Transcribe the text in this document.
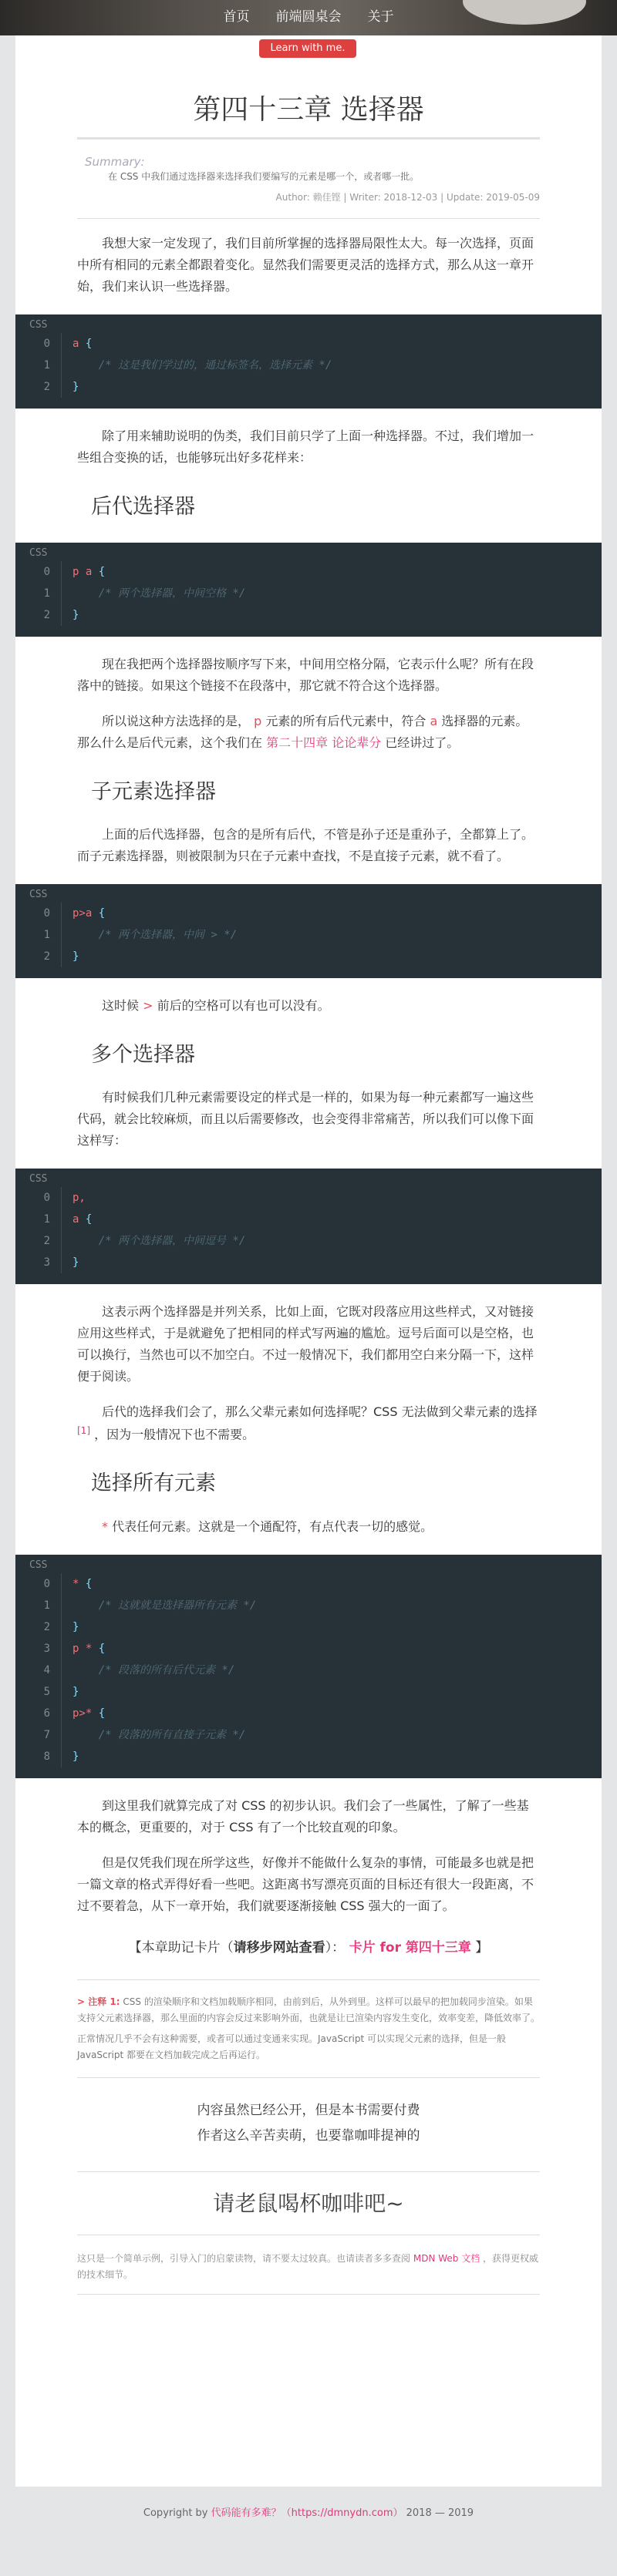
首页 前端圆桌会 关于
Learn with me.
第四十三章 选择器
Summary:
在 CSS 中我们通过选择器来选择我们要编写的元素是哪一个，或者哪一批。
Author: 赖佳铿 | Writer: 2018-12-03 | Update: 2019-05-09

我想大家一定发现了，我们目前所掌握的选择器局限性太大。每一次选择，页面中所有相同的元素全都跟着变化。显然我们需要更灵活的选择方式，那么从这一章开始，我们来认识一些选择器。

CSS
0	a {
1	/* 这是我们学过的，通过标签名，选择元素 */
2	}

除了用来辅助说明的伪类，我们目前只学了上面一种选择器。不过，我们增加一些组合变换的话，也能够玩出好多花样来：

后代选择器
CSS
0	p a {
1	/* 两个选择器，中间空格 */
2	}

现在我把两个选择器按顺序写下来，中间用空格分隔，它表示什么呢？所有在段落中的链接。如果这个链接不在段落中，那它就不符合这个选择器。

所以说这种方法选择的是， p 元素的所有后代元素中，符合 a 选择器的元素。那么什么是后代元素，这个我们在 第二十四章 论论辈分 已经讲过了。

子元素选择器

上面的后代选择器，包含的是所有后代，不管是孙子还是重孙子，全都算上了。而子元素选择器，则被限制为只在子元素中查找，不是直接子元素，就不看了。

CSS
0	p>a {
1	/* 两个选择器，中间 > */
2	}

这时候 > 前后的空格可以有也可以没有。

多个选择器

有时候我们几种元素需要设定的样式是一样的，如果为每一种元素都写一遍这些代码，就会比较麻烦，而且以后需要修改，也会变得非常痛苦，所以我们可以像下面这样写：

CSS
0	p,
1	a {
2	/* 两个选择器，中间逗号 */
3	}

这表示两个选择器是并列关系，比如上面，它既对段落应用这些样式，又对链接应用这些样式，于是就避免了把相同的样式写两遍的尴尬。逗号后面可以是空格，也可以换行，当然也可以不加空白。不过一般情况下，我们都用空白来分隔一下，这样便于阅读。

后代的选择我们会了，那么父辈元素如何选择呢？CSS 无法做到父辈元素的选择 [1] ，因为一般情况下也不需要。

选择所有元素

* 代表任何元素。这就是一个通配符，有点代表一切的感觉。

CSS
0	* {
1	/* 这就就是选择器所有元素 */
2	}
3	p * {
4	/* 段落的所有后代元素 */
5	}
6	p>* {
7	/* 段落的所有直接子元素 */
8	}

到这里我们就算完成了对 CSS 的初步认识。我们会了一些属性，了解了一些基本的概念，更重要的，对于 CSS 有了一个比较直观的印象。

但是仅凭我们现在所学这些，好像并不能做什么复杂的事情，可能最多也就是把一篇文章的格式弄得好看一些吧。这距离书写漂亮页面的目标还有很大一段距离，不过不要着急，从下一章开始，我们就要逐渐接触 CSS 强大的一面了。

【本章助记卡片（请移步网站查看）： 卡片 for 第四十三章 】

> 注释 1: CSS 的渲染顺序和文档加载顺序相同，由前到后，从外到里。这样可以最早的把加载同步渲染。如果支持父元素选择器，那么里面的内容会反过来影响外面，也就是让已渲染内容发生变化，效率变差，降低效率了。

正常情况几乎不会有这种需要，或者可以通过变通来实现。JavaScript 可以实现父元素的选择，但是一般 JavaScript 都要在文档加载完成之后再运行。

内容虽然已经公开，但是本书需要付费
作者这么辛苦卖萌，也要靠咖啡提神的
请老鼠喝杯咖啡吧~
这只是一个简单示例，引导入门的启蒙读物，请不要太过较真。也请读者多多查阅 MDN Web 文档 ，获得更权威的技术细节。
Copyright by 代码能有多难？（https://dmnydn.com） 2018 — 2019
